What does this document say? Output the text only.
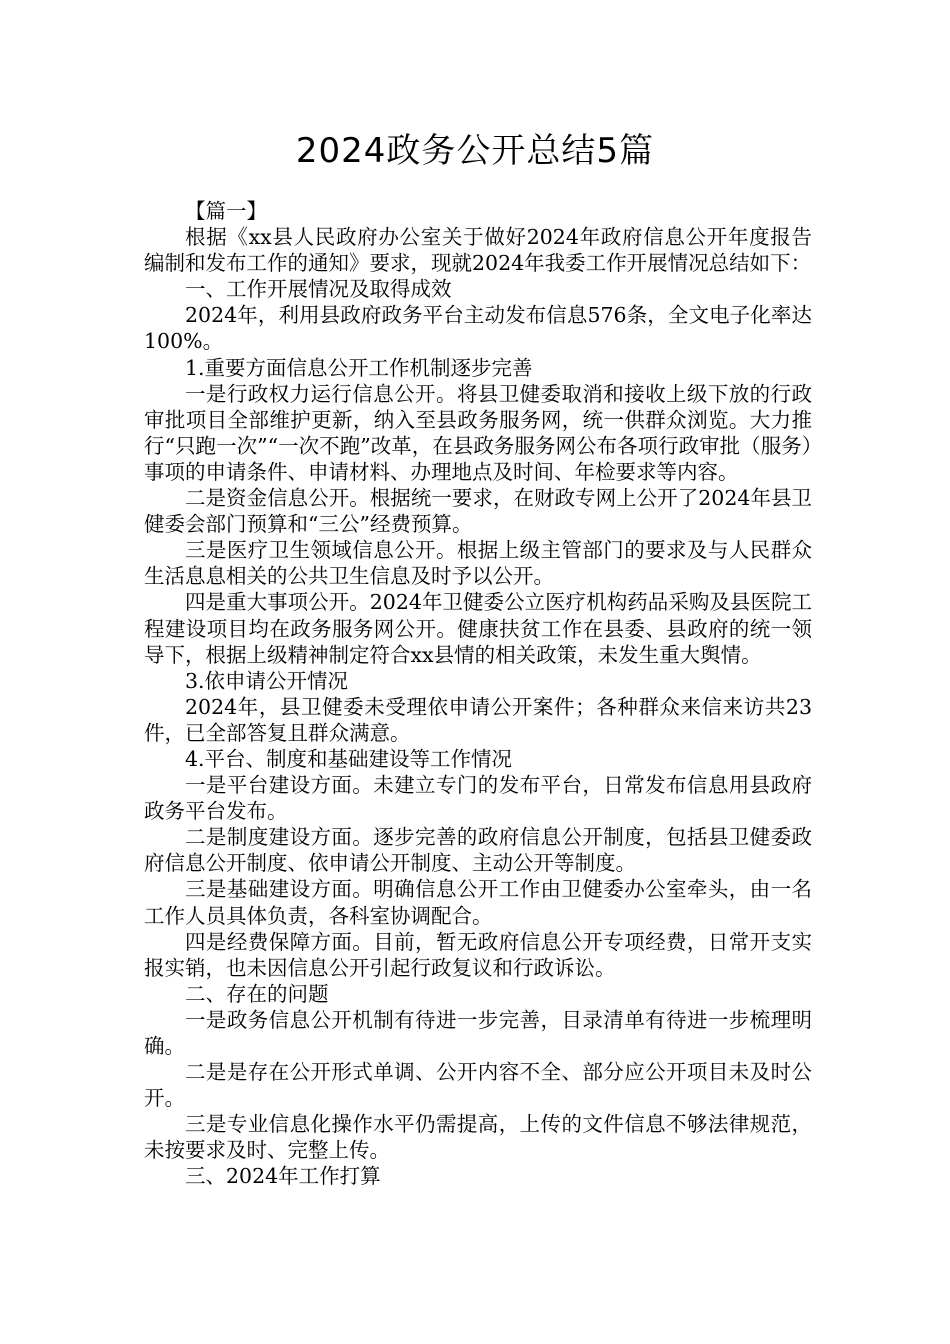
2024政务公开总结5篇

【篇一】

根据《xx县人民政府办公室关于做好2024年政府信息公开年度报告编制和发布工作的通知》要求，现就2024年我委工作开展情况总结如下：

一、工作开展情况及取得成效

2024年，利用县政府政务平台主动发布信息576条，全文电子化率达100%。

1.重要方面信息公开工作机制逐步完善

一是行政权力运行信息公开。将县卫健委取消和接收上级下放的行政审批项目全部维护更新，纳入至县政务服务网，统一供群众浏览。大力推行“只跑一次”“一次不跑”改革，在县政务服务网公布各项行政审批（服务）事项的申请条件、申请材料、办理地点及时间、年检要求等内容。

二是资金信息公开。根据统一要求，在财政专网上公开了2024年县卫健委会部门预算和“三公”经费预算。

三是医疗卫生领域信息公开。根据上级主管部门的要求及与人民群众生活息息相关的公共卫生信息及时予以公开。

四是重大事项公开。2024年卫健委公立医疗机构药品采购及县医院工程建设项目均在政务服务网公开。健康扶贫工作在县委、县政府的统一领导下，根据上级精神制定符合xx县情的相关政策，未发生重大舆情。

3.依申请公开情况

2024年，县卫健委未受理依申请公开案件；各种群众来信来访共23件，已全部答复且群众满意。

4.平台、制度和基础建设等工作情况

一是平台建设方面。未建立专门的发布平台，日常发布信息用县政府政务平台发布。

二是制度建设方面。逐步完善的政府信息公开制度，包括县卫健委政府信息公开制度、依申请公开制度、主动公开等制度。

三是基础建设方面。明确信息公开工作由卫健委办公室牵头，由一名工作人员具体负责，各科室协调配合。

四是经费保障方面。目前，暂无政府信息公开专项经费，日常开支实报实销，也未因信息公开引起行政复议和行政诉讼。

二、存在的问题

一是政务信息公开机制有待进一步完善，目录清单有待进一步梳理明确。

二是是存在公开形式单调、公开内容不全、部分应公开项目未及时公开。

三是专业信息化操作水平仍需提高，上传的文件信息不够法律规范，未按要求及时、完整上传。

三、2024年工作打算
